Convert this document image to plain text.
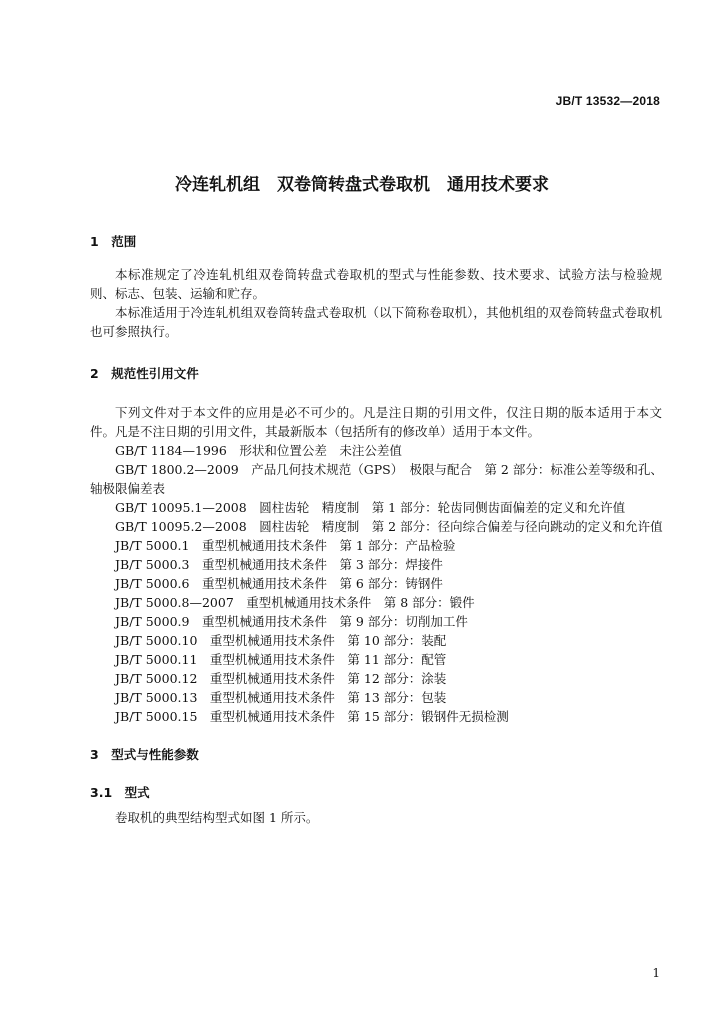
JB/T 13532—2018
冷连轧机组　双卷筒转盘式卷取机　通用技术要求
1　 范围
本标准规定了冷连轧机组双卷筒转盘式卷取机的型式与性能参数、技术要求、试验方法与检验规则、标志、包装、运输和贮存。
本标准适用于冷连轧机组双卷筒转盘式卷取机（以下简称卷取机），其他机组的双卷筒转盘式卷取机也可参照执行。
2　 规范性引用文件
下列文件对于本文件的应用是必不可少的。凡是注日期的引用文件，仅注日期的版本适用于本文件。凡是不注日期的引用文件，其最新版本（包括所有的修改单）适用于本文件。
GB/T 1184—1996　形状和位置公差　未注公差值
GB/T 1800.2—2009　产品几何技术规范（GPS）　极限与配合　第 2 部分：标准公差等级和孔、轴极限偏差表
GB/T 10095.1—2008　圆柱齿轮　精度制　第 1 部分：轮齿同侧齿面偏差的定义和允许值
GB/T 10095.2—2008　圆柱齿轮　精度制　第 2 部分：径向综合偏差与径向跳动的定义和允许值
JB/T 5000.1　重型机械通用技术条件　第 1 部分：产品检验
JB/T 5000.3　重型机械通用技术条件　第 3 部分：焊接件
JB/T 5000.6　重型机械通用技术条件　第 6 部分：铸钢件
JB/T 5000.8—2007　重型机械通用技术条件　第 8 部分：锻件
JB/T 5000.9　重型机械通用技术条件　第 9 部分：切削加工件
JB/T 5000.10　重型机械通用技术条件　第 10 部分：装配
JB/T 5000.11　重型机械通用技术条件　第 11 部分：配管
JB/T 5000.12　重型机械通用技术条件　第 12 部分：涂装
JB/T 5000.13　重型机械通用技术条件　第 13 部分：包装
JB/T 5000.15　重型机械通用技术条件　第 15 部分：锻钢件无损检测
3　 型式与性能参数
3.1　 型式
卷取机的典型结构型式如图 1 所示。
1
